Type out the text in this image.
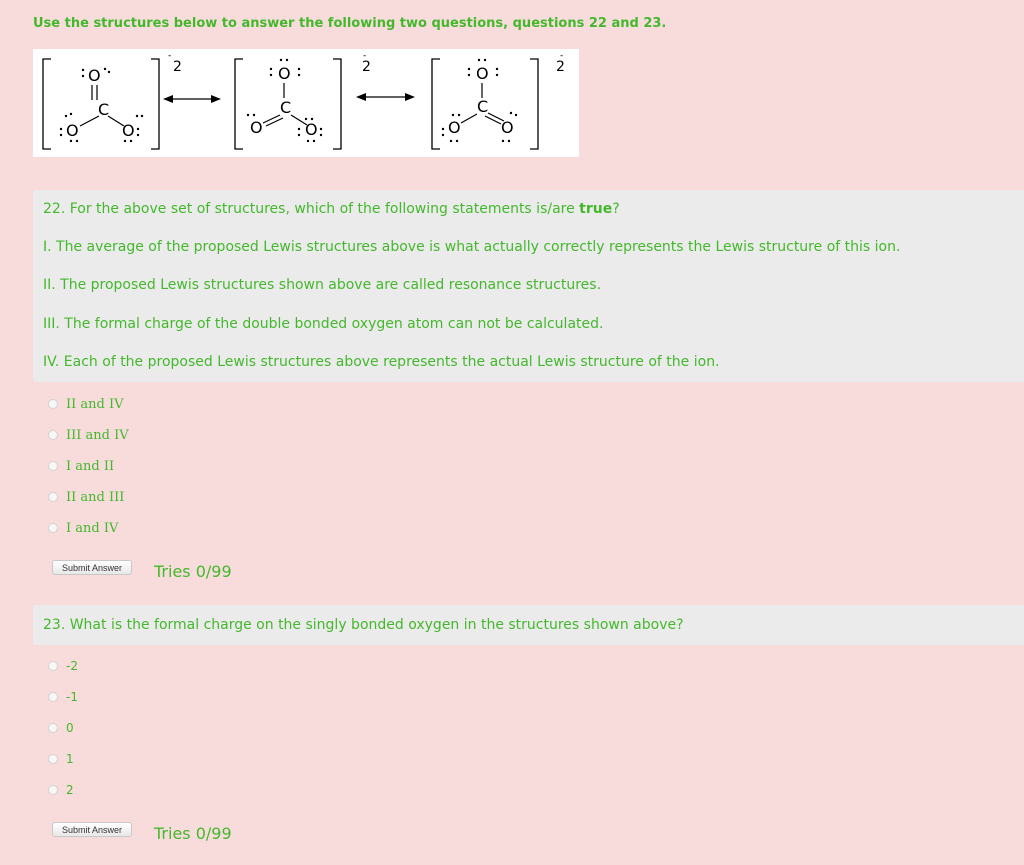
Use the structures below to answer the following two questions, questions 22 and 23.
2
-
O
C
O	O
2
-
O
C
O	O
2
-
O
C
O	O
22. For the above set of structures, which of the following statements is/are true?
I. The average of the proposed Lewis structures above is what actually correctly represents the Lewis structure of this ion.
II. The proposed Lewis structures shown above are called resonance structures.
III. The formal charge of the double bonded oxygen atom can not be calculated.
IV. Each of the proposed Lewis structures above represents the actual Lewis structure of the ion.
II and IV
III and IV
I and II
II and III
I and IV
Submit Answer	Tries 0/99
23. What is the formal charge on the singly bonded oxygen in the structures shown above?
-2
-1
0
1
2
Submit Answer	Tries 0/99
